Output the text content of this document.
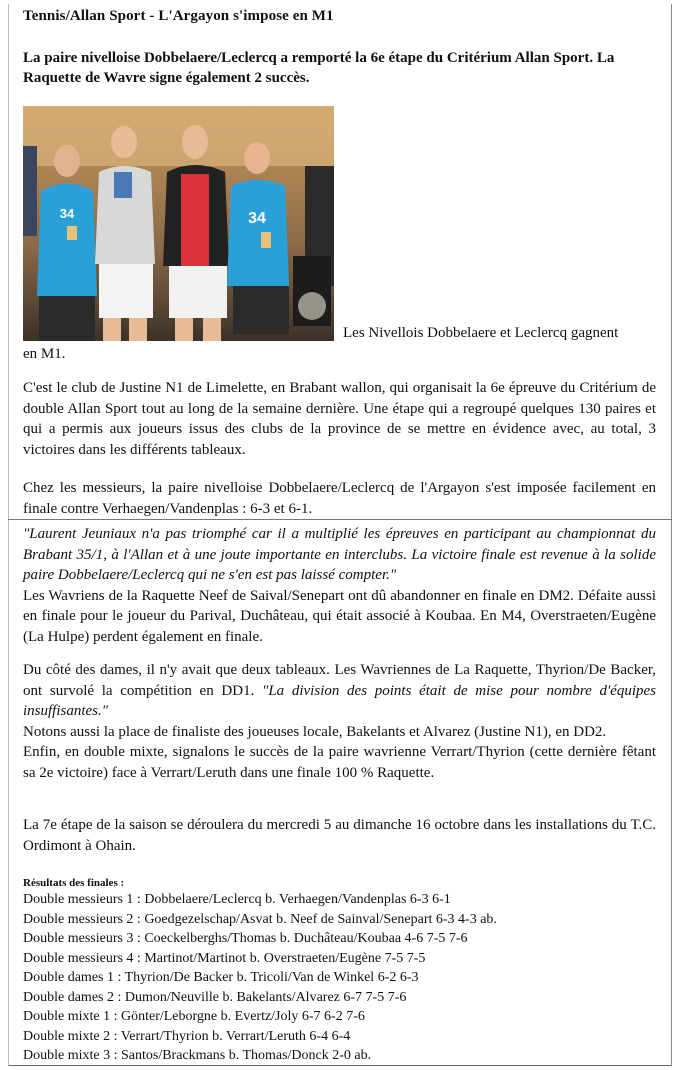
Tennis/Allan Sport - L'Argayon s'impose en M1
La paire nivelloise Dobbelaere/Leclercq a remporté la 6e étape du Critérium Allan Sport. La Raquette de Wavre signe également 2 succès.
34	34
Les Nivellois Dobbelaere et Leclercq gagnent
en M1.

C'est le club de Justine N1 de Limelette, en Brabant wallon, qui organisait la 6e épreuve du Critérium de double Allan Sport tout au long de la semaine dernière. Une étape qui a regroupé quelques 130 paires et qui a permis aux joueurs issus des clubs de la province de se mettre en évidence avec, au total, 3 victoires dans les différents tableaux.

Chez les messieurs, la paire nivelloise Dobbelaere/Leclercq de l'Argayon s'est imposée facilement en finale contre Verhaegen/Vandenplas : 6-3 et 6-1.

"Laurent Jeuniaux n'a pas triomphé car il a multiplié les épreuves en participant au championnat du Brabant 35/1, à l'Allan et à une joute importante en interclubs. La victoire finale est revenue à la solide paire Dobbelaere/Leclercq qui ne s'en est pas laissé compter."
Les Wavriens de la Raquette Neef de Saival/Senepart ont dû abandonner en finale en DM2. Défaite aussi en finale pour le joueur du Parival, Duchâteau, qui était associé à Koubaa. En M4, Overstraeten/Eugène (La Hulpe) perdent également en finale.

Du côté des dames, il n'y avait que deux tableaux. Les Wavriennes de La Raquette, Thyrion/De Backer, ont survolé la compétition en DD1. "La division des points était de mise pour nombre d'équipes insuffisantes."
Notons aussi la place de finaliste des joueuses locale, Bakelants et Alvarez (Justine N1), en DD2.
Enfin, en double mixte, signalons le succès de la paire wavrienne Verrart/Thyrion (cette dernière fêtant sa 2e victoire) face à Verrart/Leruth dans une finale 100 % Raquette.

La 7e étape de la saison se déroulera du mercredi 5 au dimanche 16 octobre dans les installations du T.C. Ordimont à Ohain.

Résultats des finales :
Double messieurs 1 : Dobbelaere/Leclercq b. Verhaegen/Vandenplas 6-3 6-1
Double messieurs 2 : Goedgezelschap/Asvat b. Neef de Sainval/Senepart 6-3 4-3 ab.
Double messieurs 3 : Coeckelberghs/Thomas b. Duchâteau/Koubaa 4-6 7-5 7-6
Double messieurs 4 : Martinot/Martinot b. Overstraeten/Eugène 7-5 7-5
Double dames 1 : Thyrion/De Backer b. Tricoli/Van de Winkel 6-2 6-3
Double dames 2 : Dumon/Neuville b. Bakelants/Alvarez 6-7 7-5 7-6
Double mixte 1 : Gönter/Leborgne b. Evertz/Joly 6-7 6-2 7-6
Double mixte 2 : Verrart/Thyrion b. Verrart/Leruth 6-4 6-4
Double mixte 3 : Santos/Brackmans b. Thomas/Donck 2-0 ab.
